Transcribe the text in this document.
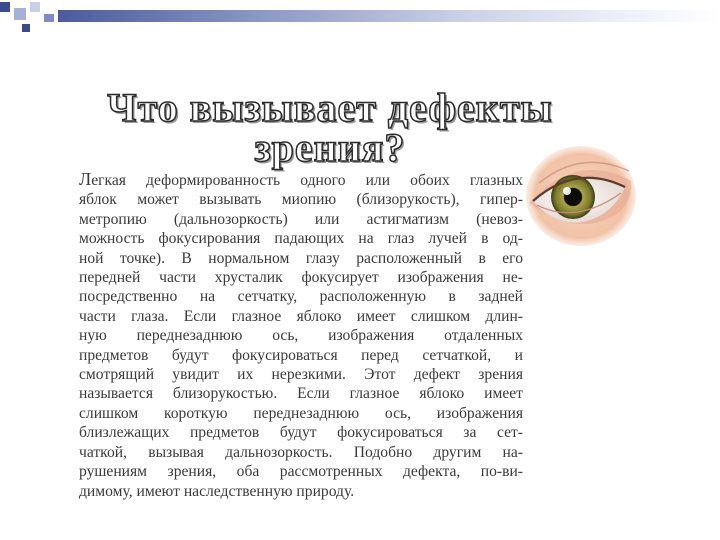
Что вызывает дефекты
зрения?
Легкая деформированность одного или обоих глазных
яблок может вызывать миопию (близорукость), гипер-
метропию (дальнозоркость) или астигматизм (невоз-
можность фокусирования падающих на глаз лучей в од-
ной точке). В нормальном глазу расположенный в его
передней части хрусталик фокусирует изображения не-
посредственно на сетчатку, расположенную в задней
части глаза. Если глазное яблоко имеет слишком длин-
ную переднезаднюю ось, изображения отдаленных
предметов будут фокусироваться перед сетчаткой, и
смотрящий увидит их нерезкими. Этот дефект зрения
называется близорукостью. Если глазное яблоко имеет
слишком короткую переднезаднюю ось, изображения
близлежащих предметов будут фокусироваться за сет-
чаткой, вызывая дальнозоркость. Подобно другим на-
рушениям зрения, оба рассмотренных дефекта, по-ви-
димому, имеют наследственную природу.
